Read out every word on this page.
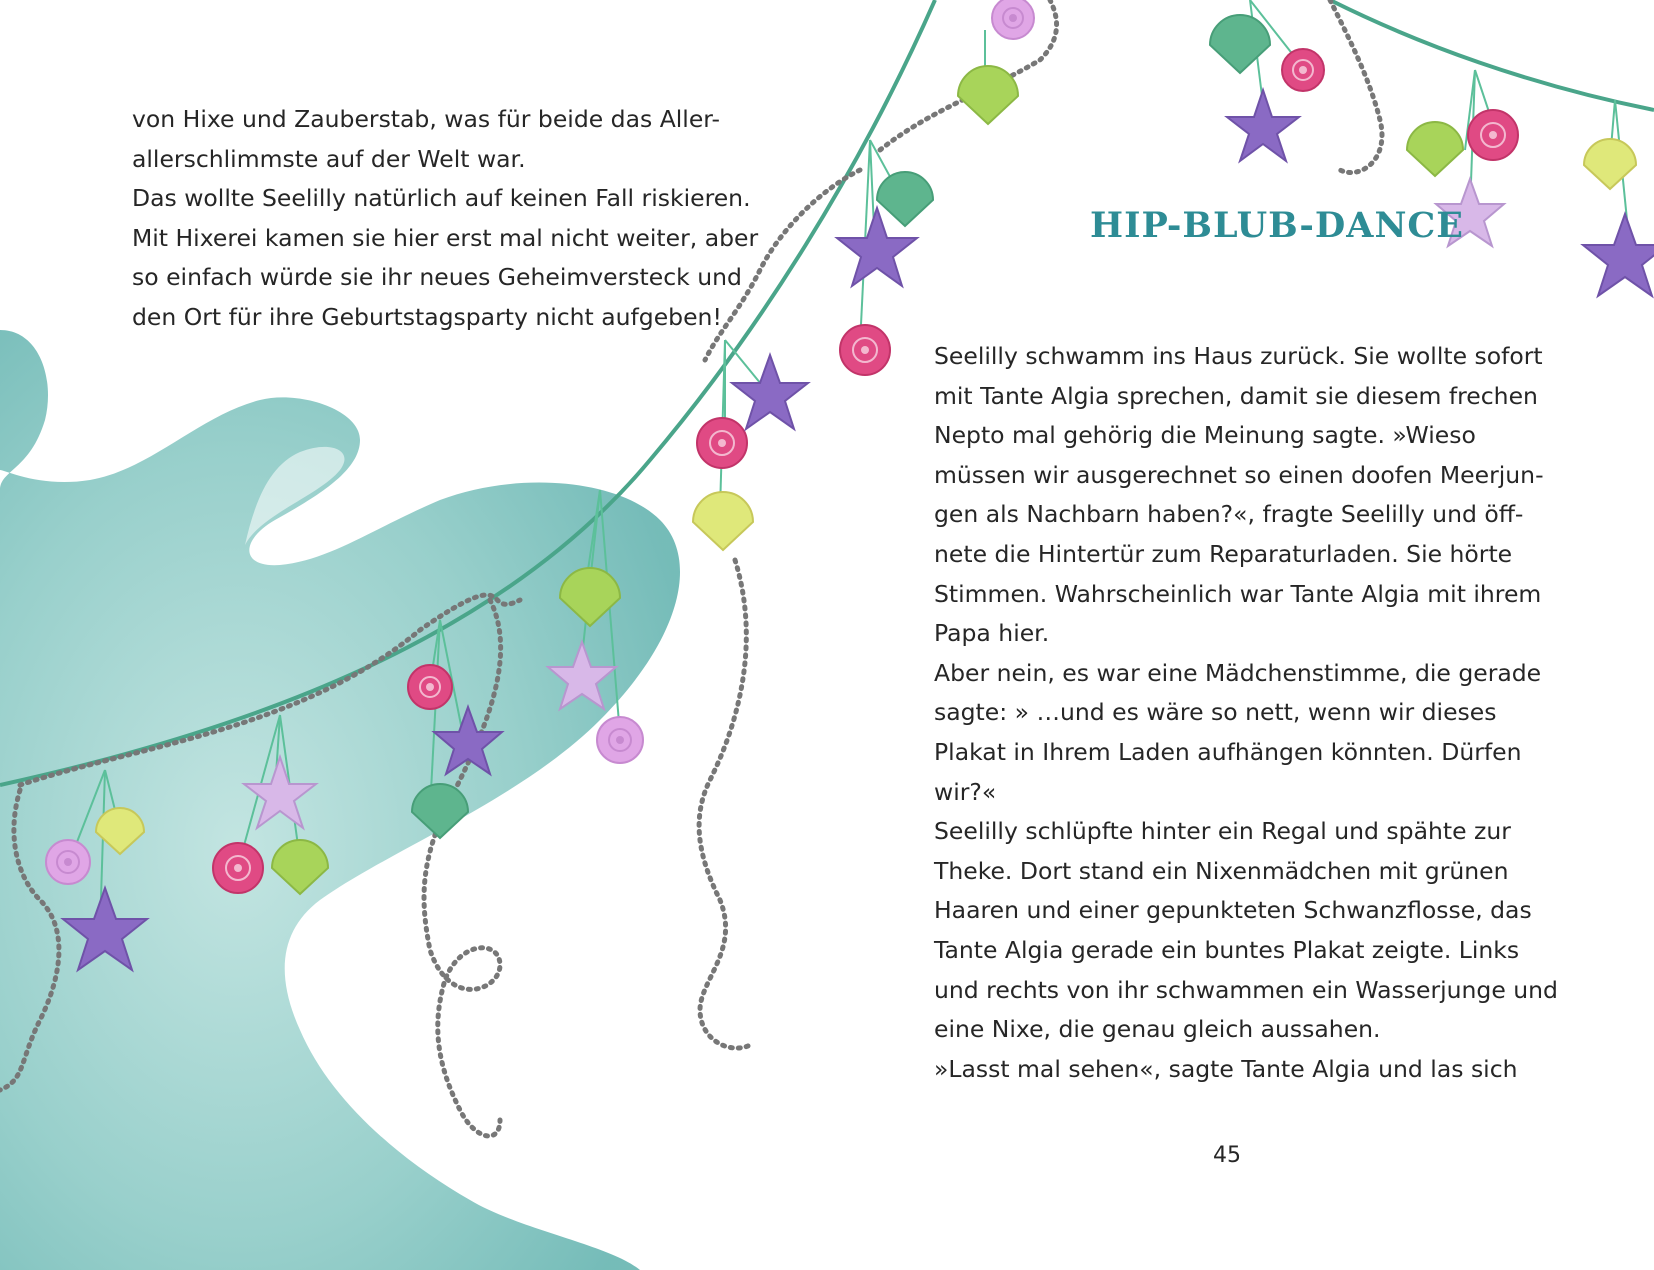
von Hixe und Zauberstab, was für beide das Aller-
allerschlimmste auf der Welt war.
Das wollte Seelilly natürlich auf keinen Fall riskieren.
Mit Hixerei kamen sie hier erst mal nicht weiter, aber
so einfach würde sie ihr neues Geheimversteck und
den Ort für ihre Geburtstagsparty nicht aufgeben!
HIP-BLUB-DANCE
Seelilly schwamm ins Haus zurück. Sie wollte sofort
mit Tante Algia sprechen, damit sie diesem frechen
Nepto mal gehörig die Meinung sagte. »Wieso
müssen wir ausgerechnet so einen doofen Meerjun-
gen als Nachbarn haben?«, fragte Seelilly und öff-
nete die Hintertür zum Reparaturladen. Sie hörte
Stimmen. Wahrscheinlich war Tante Algia mit ihrem
Papa hier.
Aber nein, es war eine Mädchenstimme, die gerade
sagte: » …und es wäre so nett, wenn wir dieses
Plakat in Ihrem Laden aufhängen könnten. Dürfen
wir?«
Seelilly schlüpfte hinter ein Regal und spähte zur
Theke. Dort stand ein Nixenmädchen mit grünen
Haaren und einer gepunkteten Schwanzflosse, das
Tante Algia gerade ein buntes Plakat zeigte. Links
und rechts von ihr schwammen ein Wasserjunge und
eine Nixe, die genau gleich aussahen.
»Lasst mal sehen«, sagte Tante Algia und las sich
45
